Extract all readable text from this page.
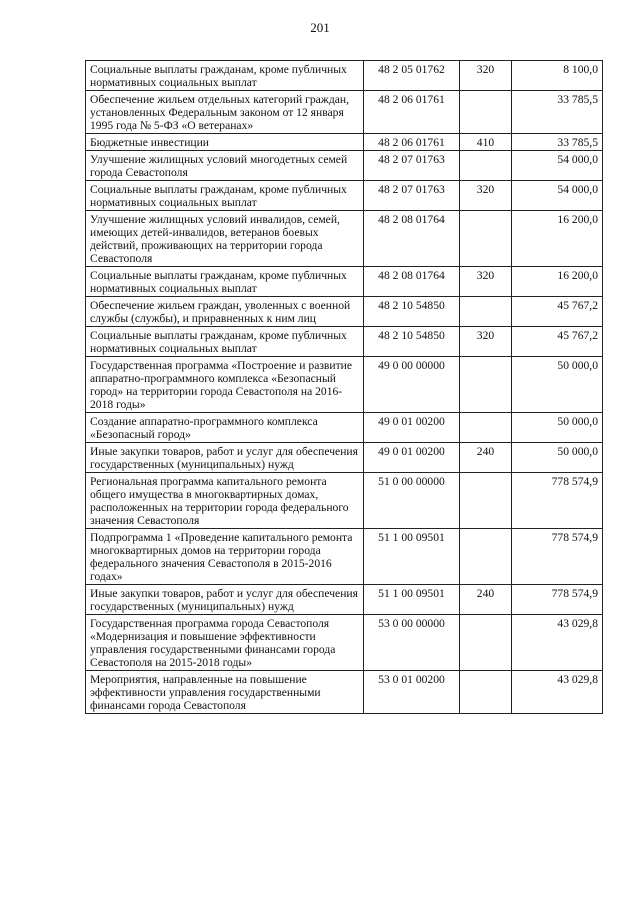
201
Социальные выплаты гражданам, кроме публичных нормативных социальных выплат	48 2 05 01762	320	8 100,0
Обеспечение жильем отдельных категорий граждан, установленных Федеральным законом от 12 января 1995 года № 5-ФЗ «О ветеранах»	48 2 06 01761		33 785,5
Бюджетные инвестиции	48 2 06 01761	410	33 785,5
Улучшение жилищных условий многодетных семей города Севастополя	48 2 07 01763		54 000,0
Социальные выплаты гражданам, кроме публичных нормативных социальных выплат	48 2 07 01763	320	54 000,0
Улучшение жилищных условий инвалидов, семей, имеющих детей-инвалидов, ветеранов боевых действий, проживающих на территории города Севастополя	48 2 08 01764		16 200,0
Социальные выплаты гражданам, кроме публичных нормативных социальных выплат	48 2 08 01764	320	16 200,0
Обеспечение жильем граждан, уволенных с военной службы (службы), и приравненных к ним лиц	48 2 10 54850		45 767,2
Социальные выплаты гражданам, кроме публичных нормативных социальных выплат	48 2 10 54850	320	45 767,2
Государственная программа «Построение и развитие аппаратно-программного комплекса «Безопасный город» на территории города Севастополя на 2016-2018 годы»	49 0 00 00000		50 000,0
Создание аппаратно-программного комплекса «Безопасный город»	49 0 01 00200		50 000,0
Иные закупки товаров, работ и услуг для обеспечения государственных (муниципальных) нужд	49 0 01 00200	240	50 000,0
Региональная программа капитального ремонта общего имущества в многоквартирных домах, расположенных на территории города федерального значения Севастополя	51 0 00 00000		778 574,9
Подпрограмма 1 «Проведение капитального ремонта многоквартирных домов на территории города федерального значения Севастополя в 2015-2016 годах»	51 1 00 09501		778 574,9
Иные закупки товаров, работ и услуг для обеспечения государственных (муниципальных) нужд	51 1 00 09501	240	778 574,9
Государственная программа города Севастополя «Модернизация и повышение эффективности управления государственными финансами города Севастополя на 2015-2018 годы»	53 0 00 00000		43 029,8
Мероприятия, направленные на повышение эффективности управления государственными финансами города Севастополя	53 0 01 00200		43 029,8
